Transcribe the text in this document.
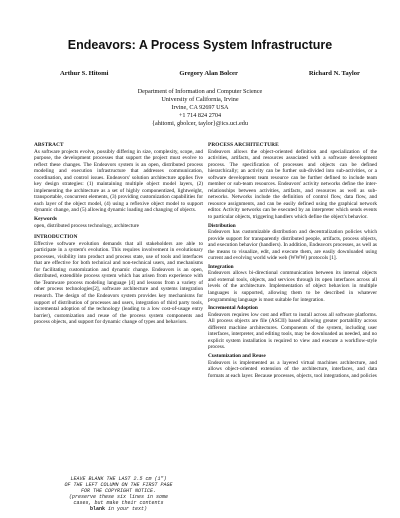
Endeavors: A Process System Infrastructure
Arthur S. Hitomi	Gregory Alan Bolcer	Richard N. Taylor
Department of Information and Computer Science
University of California, Irvine
Irvine, CA 92697 USA
+1 714 824 2704
{ahitomi, gbolcer, taylor}@ics.uci.edu

ABSTRACT

As software projects evolve, possibly differing in size, complexity, scope, and purpose, the development processes that support the project must evolve to reflect these changes. The Endeavors system is an open, distributed process modeling and execution infrastructure that addresses communication, coordination, and control issues. Endeavors' solution architecture applies five key design strategies: (1) maintaining multiple object model layers, (2) implementing the architecture as a set of highly componentized, lightweight, transportable, concurrent elements, (3) providing customization capabilities for each layer of the object model, (4) using a reflexive object model to support dynamic change, and (5) allowing dynamic loading and changing of objects.

Keywords

open, distributed process technology, architecture

INTRODUCTION

Effective software evolution demands that all stakeholders are able to participate in a system's evolution. This requires involvement in evolutionary processes, visibility into product and process state, use of tools and interfaces that are effective for both technical and non-technical users, and mechanisms for facilitating customization and dynamic change. Endeavors is an open, distributed, extendible process system which has arisen from experience with the Teamware process modeling language [4] and lessons from a variety of other process technologies[2], software architecture and systems integration research. The design of the Endeavors system provides key mechanisms for support of distribution of processes and users, integration of third party tools, incremental adoption of the technology (leading to a low cost-of-usage entry barrier), customization and reuse of the process system components and process objects, and support for dynamic change of types and behaviors.

LEAVE BLANK THE LAST 2.5 cm (1")
OF THE LEFT COLUMN ON THE FIRST PAGE
FOR THE COPYRIGHT NOTICE.
(preserve these six lines in some
cases, but make their contents
blank in your text)

PROCESS ARCHITECTURE

Endeavors allows the object-oriented definition and specialization of the activities, artifacts, and resources associated with a software development process. The specification of processes and objects can be defined hierarchically; an activity can be further sub-divided into sub-activities, or a software development team resource can be further defined to include team member or sub-team resources. Endeavors' activity networks define the inter-relationships between activities, artifacts, and resources as well as sub-networks. Networks include the definition of control flow, data flow, and resource assignments, and can be easily defined using the graphical network editor. Activity networks can be executed by an interpreter which sends events to particular objects, triggering handlers which define the object's behavior.

Distribution

Endeavors has customizable distribution and decentralization policies which provide support for transparently distributed people, artifacts, process objects, and execution behavior (handlers). In addition, Endeavors processes, as well as the means to visualize, edit, and execute them, are easily downloaded using current and evolving world wide web (WWW) protocols [1].

Integration

Endeavors allows bi-directional communication between its internal objects and external tools, objects, and services through its open interfaces across all levels of the architecture. Implementation of object behaviors in multiple languages is supported, allowing them to be described in whatever programming language is most suitable for integration.

Incremental Adoption

Endeavors requires low cost and effort to install across all software platforms. All process objects are file (ASCII) based allowing greater portability across different machine architectures. Components of the system, including user interfaces, interpreter, and editing tools, may be downloaded as needed, and no explicit system installation is required to view and execute a workflow-style process.

Customization and Reuse

Endeavors is implemented as a layered virtual machines architecture, and allows object-oriented extension of the architecture, interfaces, and data formats at each layer. Because processes, objects, tool integrations, and policies
